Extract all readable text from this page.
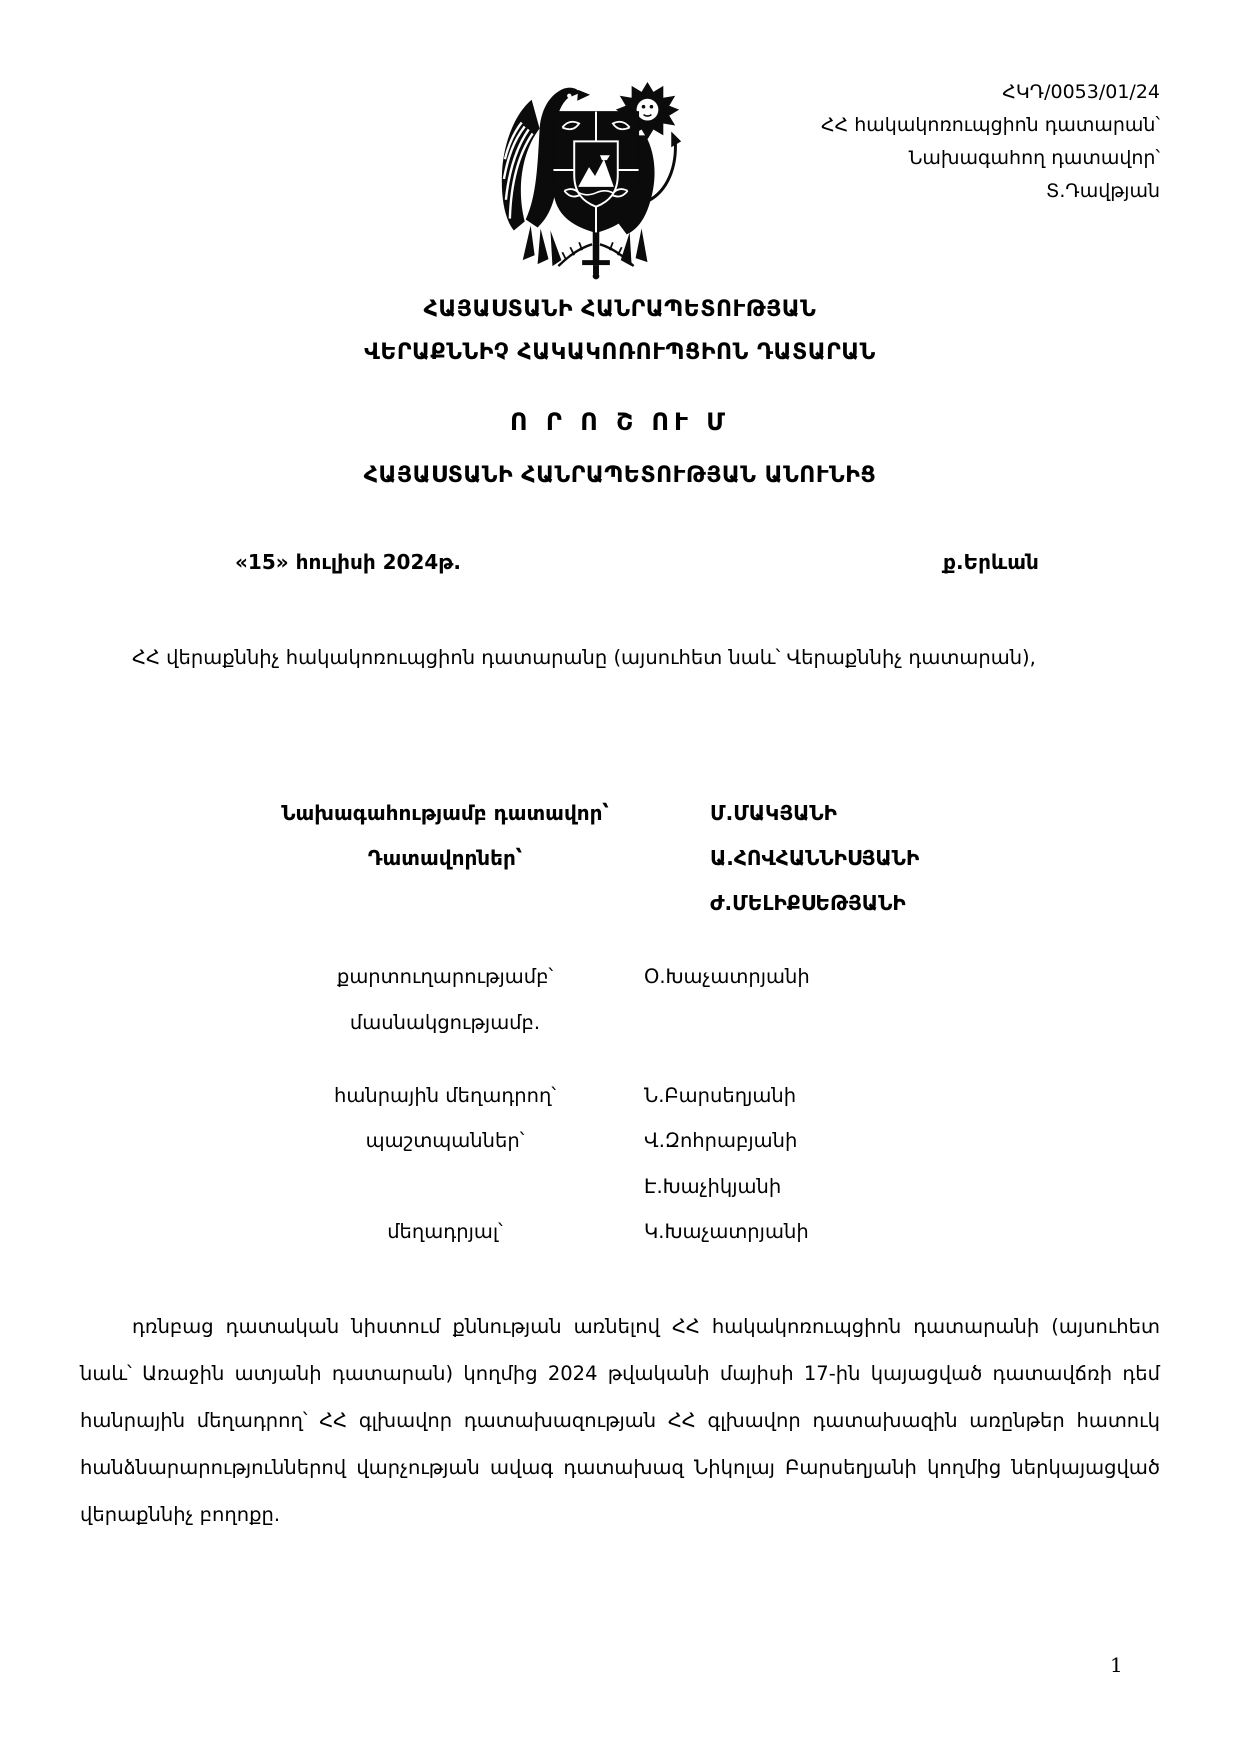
ՀԿԴ/0053/01/24
ՀՀ հակակոռուպցիոն դատարան՝
Նախագահող դատավոր՝
Տ.Դավթյան
ՀԱՅԱՍՏԱՆԻ ՀԱՆՐԱՊԵՏՈՒԹՅԱՆ
ՎԵՐԱՔՆՆԻՉ ՀԱԿԱԿՈՌՈՒՊՑԻՈՆ ԴԱՏԱՐԱՆ
Ո Ր Ո Շ ՈՒ Մ
ՀԱՅԱՍՏԱՆԻ ՀԱՆՐԱՊԵՏՈՒԹՅԱՆ ԱՆՈՒՆԻՑ
«15» հուլիսի 2024թ.	ք.Երևան
ՀՀ վերաքննիչ հակակոռուպցիոն դատարանը (այսուհետ նաև՝ Վերաքննիչ դատարան),
Նախագահությամբ դատավոր՝	Մ.ՄԱԿՅԱՆԻ
Դատավորներ՝	Ա.ՀՈՎՀԱՆՆԻՍՅԱՆԻ
Ժ.ՄԵԼԻՔՍԵԹՅԱՆԻ
քարտուղարությամբ՝	Օ.Խաչատրյանի
մասնակցությամբ.
հանրային մեղադրող՝	Ն.Բարսեղյանի
պաշտպաններ՝	Վ.Զոհրաբյանի
Է.Խաչիկյանի
մեղադրյալ՝	Կ.Խաչատրյանի
դռնբաց դատական նիստում քննության առնելով ՀՀ հակակոռուպցիոն դատարանի (այսուհետ նաև՝ Առաջին ատյանի դատարան) կողմից 2024 թվականի մայիսի 17-ին կայացված դատավճռի դեմ հանրային մեղադրող՝ ՀՀ գլխավոր դատախազության ՀՀ գլխավոր դատախազին առընթեր հատուկ հանձնարարություններով վարչության ավագ դատախազ Նիկոլայ Բարսեղյանի կողմից ներկայացված վերաքննիչ բողոքը.
1
